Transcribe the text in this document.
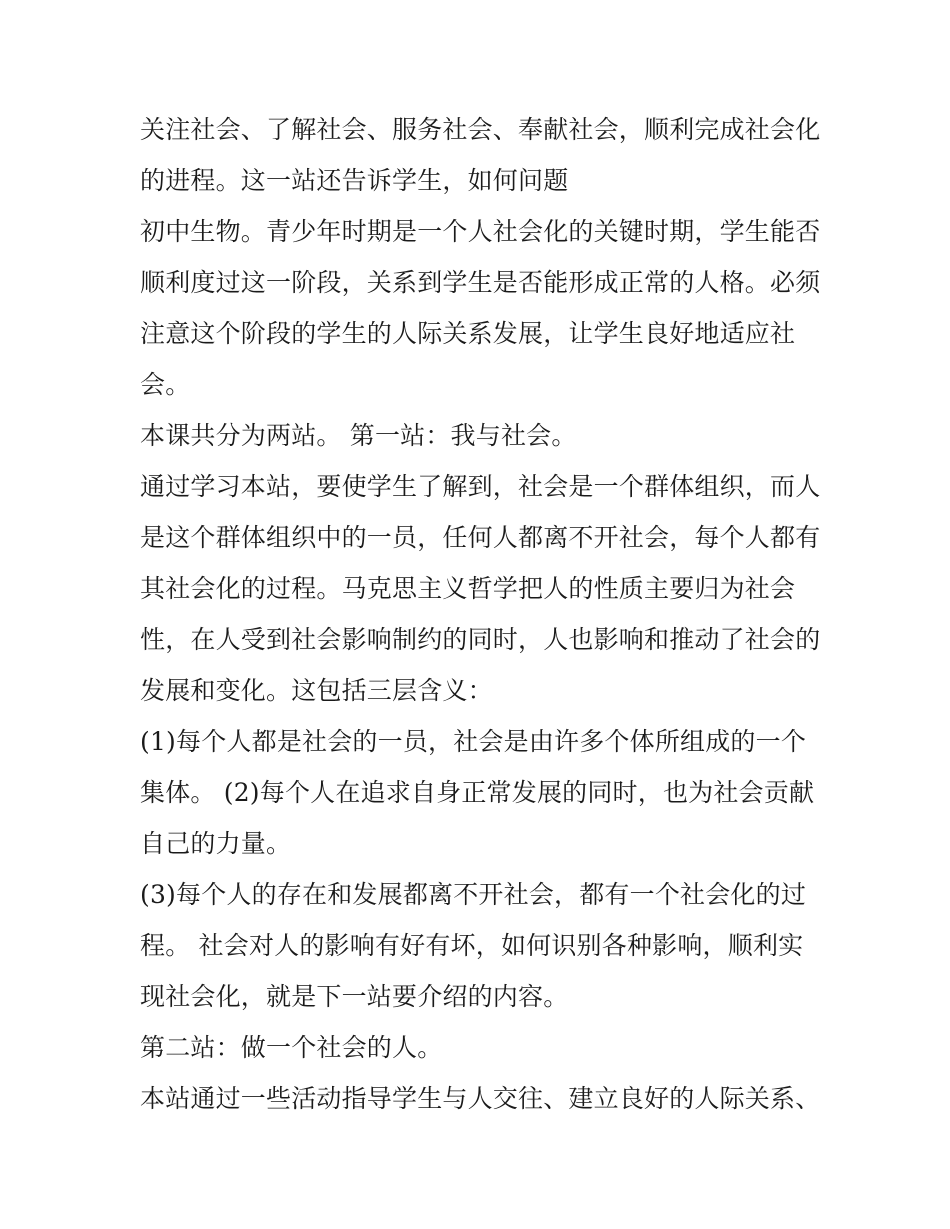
关注社会、了解社会、服务社会、奉献社会，顺利完成社会化
的进程。这一站还告诉学生，如何问题
初中生物。青少年时期是一个人社会化的关键时期，学生能否
顺利度过这一阶段，关系到学生是否能形成正常的人格。必须
注意这个阶段的学生的人际关系发展，让学生良好地适应社
会。
本课共分为两站。 第一站：我与社会。
通过学习本站，要使学生了解到，社会是一个群体组织，而人
是这个群体组织中的一员，任何人都离不开社会，每个人都有
其社会化的过程。马克思主义哲学把人的性质主要归为社会
性，在人受到社会影响制约的同时，人也影响和推动了社会的
发展和变化。这包括三层含义：
(1)每个人都是社会的一员，社会是由许多个体所组成的一个
集体。 (2)每个人在追求自身正常发展的同时，也为社会贡献
自己的力量。
(3)每个人的存在和发展都离不开社会，都有一个社会化的过
程。 社会对人的影响有好有坏，如何识别各种影响，顺利实
现社会化，就是下一站要介绍的内容。
第二站：做一个社会的人。
本站通过一些活动指导学生与人交往、建立良好的人际关系、
